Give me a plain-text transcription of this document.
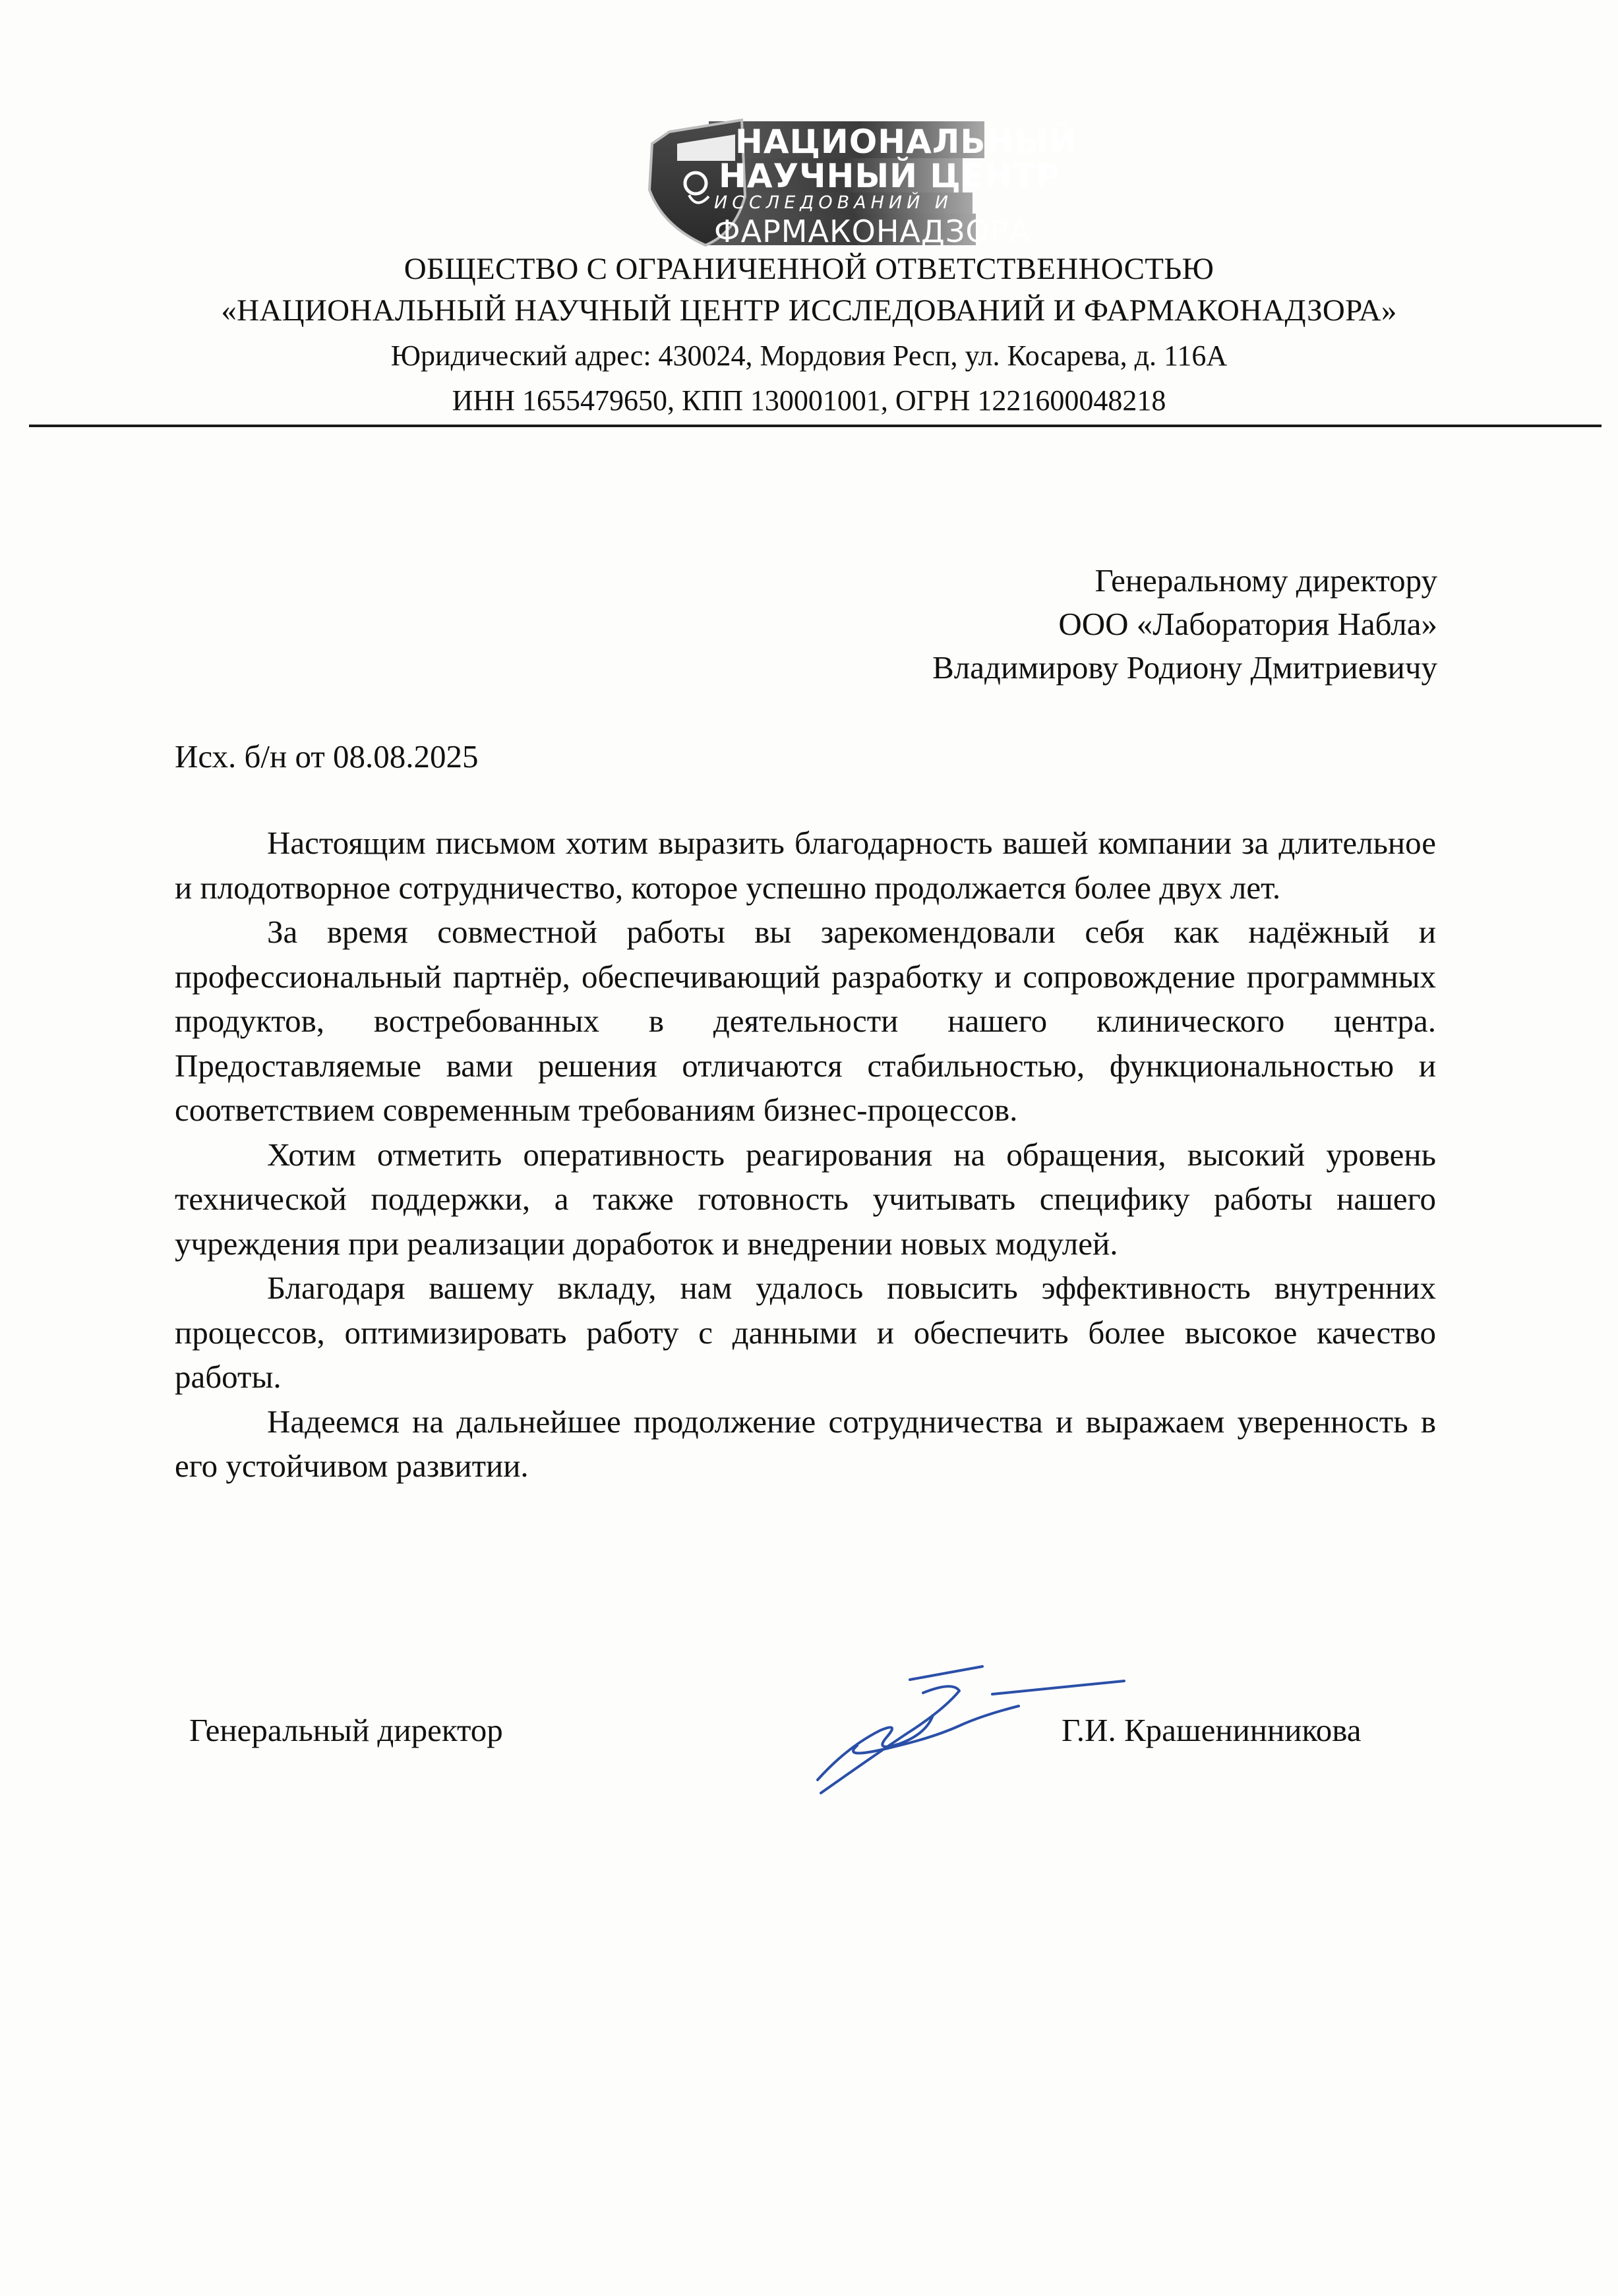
НАЦИОНАЛЬНЫЙ
НАУЧНЫЙ ЦЕНТР
ИССЛЕДОВАНИЙ И
ФАРМАКОНАДЗОРА
ОБЩЕСТВО С ОГРАНИЧЕННОЙ ОТВЕТСТВЕННОСТЬЮ
«НАЦИОНАЛЬНЫЙ НАУЧНЫЙ ЦЕНТР ИССЛЕДОВАНИЙ И ФАРМАКОНАДЗОРА»
Юридический адрес: 430024, Мордовия Респ, ул. Косарева, д. 116А
ИНН 1655479650, КПП 130001001, ОГРН 1221600048218
Генеральному директору
ООО «Лаборатория Набла»
Владимирову Родиону Дмитриевичу
Исх. б/н от 08.08.2025

Настоящим письмом хотим выразить благодарность вашей компании за длительное и плодотворное сотрудничество, которое успешно продолжается более двух лет.

За время совместной работы вы зарекомендовали себя как надёжный и профессиональный партнёр, обеспечивающий разработку и сопровождение программных продуктов, востребованных в деятельности нашего клинического центра. Предоставляемые вами решения отличаются стабильностью, функциональностью и соответствием современным требованиям бизнес-процессов.

Хотим отметить оперативность реагирования на обращения, высокий уровень технической поддержки, а также готовность учитывать специфику работы нашего учреждения при реализации доработок и внедрении новых модулей.

Благодаря вашему вкладу, нам удалось повысить эффективность внутренних процессов, оптимизировать работу с данными и обеспечить более высокое качество работы.

Надеемся на дальнейшее продолжение сотрудничества и выражаем уверенность в его устойчивом развитии.

Генеральный директор	Г.И. Крашенинникова
